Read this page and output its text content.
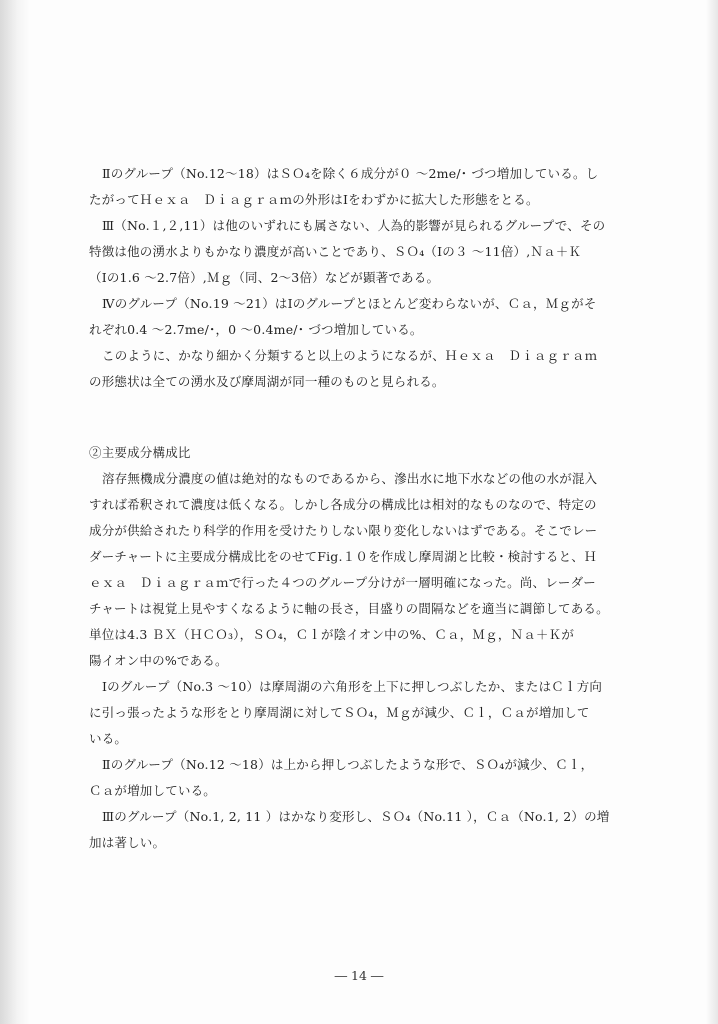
Ⅱのグループ（No.12〜18）はＳＯ₄を除く６成分が０ 〜2me/･ づつ増加している。し
たがってＨｅｘａ　Ｄｉａｇｒａｍの外形はⅠをわずかに拡大した形態をとる。
Ⅲ（No.１,２,11）は他のいずれにも属さない、人為的影響が見られるグループで、その
特徴は他の湧水よりもかなり濃度が高いことであり、ＳＯ₄（Ⅰの３ 〜11倍）,Ｎａ＋Ｋ
（Ⅰの1.6 〜2.7倍）,Ｍｇ（同、2〜3倍）などが顕著である。
Ⅳのグループ（No.19 〜21）はⅠのグループとほとんど変わらないが、Ｃａ，Ｍｇがそ
れぞれ0.4 〜2.7me/･，0 〜0.4me/･ づつ増加している。
このように、かなり細かく分類すると以上のようになるが、Ｈｅｘａ　Ｄｉａｇｒａｍ
の形態状は全ての湧水及び摩周湖が同一種のものと見られる。
②主要成分構成比
溶存無機成分濃度の値は絶対的なものであるから、滲出水に地下水などの他の水が混入
すれば希釈されて濃度は低くなる。しかし各成分の構成比は相対的なものなので、特定の
成分が供給されたり科学的作用を受けたりしない限り変化しないはずである。そこでレー
ダーチャートに主要成分構成比をのせてFig.１０を作成し摩周湖と比較・検討すると、Ｈ
ｅｘａ　Ｄｉａｇｒａｍで行った４つのグループ分けが一層明確になった。尚、レーダー
チャートは視覚上見やすくなるように軸の長さ，目盛りの間隔などを適当に調節してある。
単位は4.3 ＢＸ（ＨＣＯ₃），ＳＯ₄，Ｃｌが陰イオン中の%、Ｃａ，Ｍｇ，Ｎａ＋Ｋが
陽イオン中の%である。
Ⅰのグループ（No.3 〜10）は摩周湖の六角形を上下に押しつぶしたか、またはＣｌ方向
に引っ張ったような形をとり摩周湖に対してＳＯ₄，Ｍｇが減少、Ｃｌ，Ｃａが増加して
いる。
Ⅱのグループ（No.12 〜18）は上から押しつぶしたような形で、ＳＯ₄が減少、Ｃｌ，
Ｃａが増加している。
Ⅲのグループ（No.1, 2, 11 ）はかなり変形し、ＳＯ₄（No.11 ），Ｃａ（No.1, 2）の増
加は著しい。
― 14 ―
